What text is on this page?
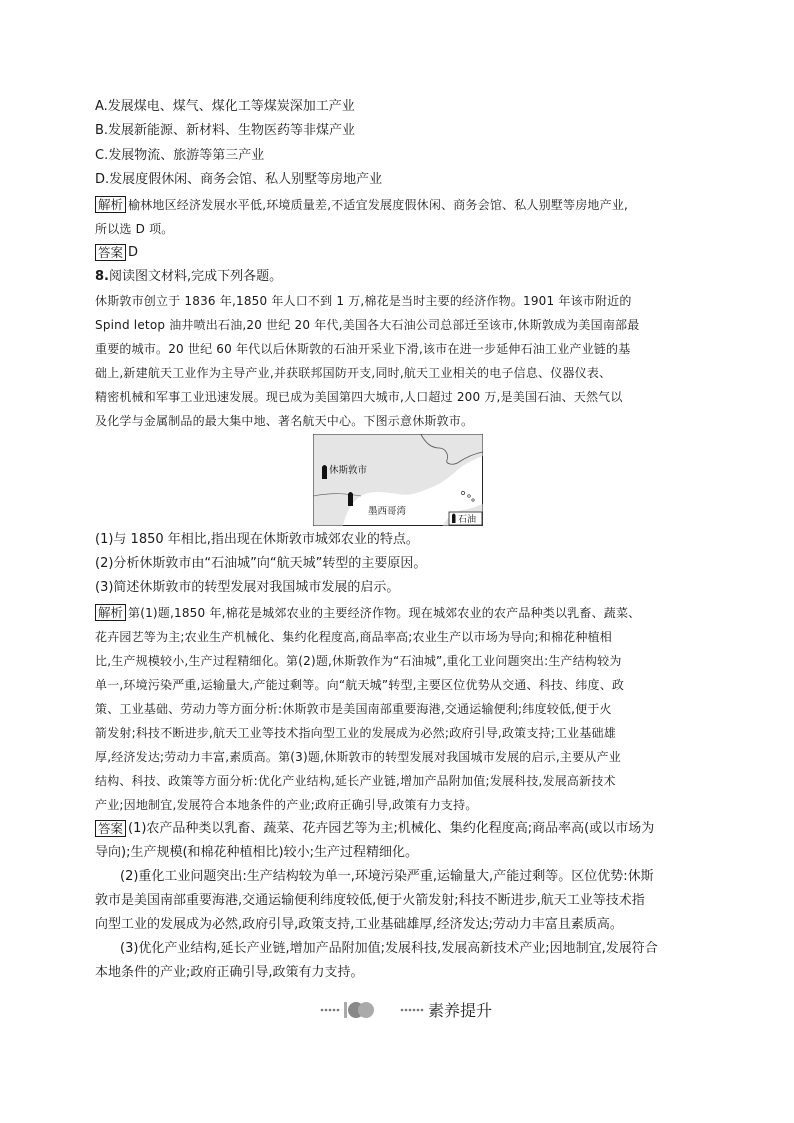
A.发展煤电、煤气、煤化工等煤炭深加工产业
B.发展新能源、新材料、生物医药等非煤产业
C.发展物流、旅游等第三产业
D.发展度假休闲、商务会馆、私人别墅等房地产业
解析 榆林地区经济发展水平低,环境质量差,不适宜发展度假休闲、商务会馆、私人别墅等房地产业,
所以选 D 项。
答案 D
8.阅读图文材料,完成下列各题。
休斯敦市创立于 1836 年,1850 年人口不到 1 万,棉花是当时主要的经济作物。1901 年该市附近的
Spind letop 油井喷出石油,20 世纪 20 年代,美国各大石油公司总部迁至该市,休斯敦成为美国南部最
重要的城市。20 世纪 60 年代以后休斯敦的石油开采业下滑,该市在进一步延伸石油工业产业链的基
础上,新建航天工业作为主导产业,并获联邦国防开支,同时,航天工业相关的电子信息、仪器仪表、
精密机械和军事工业迅速发展。现已成为美国第四大城市,人口超过 200 万,是美国石油、天然气以
及化学与金属制品的最大集中地、著名航天中心。下图示意休斯敦市。
休斯敦市
墨西哥湾
石油
(1)与 1850 年相比,指出现在休斯敦市城郊农业的特点。
(2)分析休斯敦市由“石油城”向“航天城”转型的主要原因。
(3)简述休斯敦市的转型发展对我国城市发展的启示。
解析 第(1)题,1850 年,棉花是城郊农业的主要经济作物。现在城郊农业的农产品种类以乳畜、蔬菜、
花卉园艺等为主;农业生产机械化、集约化程度高,商品率高;农业生产以市场为导向;和棉花种植相
比,生产规模较小,生产过程精细化。第(2)题,休斯敦作为“石油城”,重化工业问题突出:生产结构较为
单一,环境污染严重,运输量大,产能过剩等。向“航天城”转型,主要区位优势从交通、科技、纬度、政
策、工业基础、劳动力等方面分析:休斯敦市是美国南部重要海港,交通运输便利;纬度较低,便于火
箭发射;科技不断进步,航天工业等技术指向型工业的发展成为必然;政府引导,政策支持;工业基础雄
厚,经济发达;劳动力丰富,素质高。第(3)题,休斯敦市的转型发展对我国城市发展的启示,主要从产业
结构、科技、政策等方面分析:优化产业结构,延长产业链,增加产品附加值;发展科技,发展高新技术
产业;因地制宜,发展符合本地条件的产业;政府正确引导,政策有力支持。
答案 (1)农产品种类以乳畜、蔬菜、花卉园艺等为主;机械化、集约化程度高;商品率高(或以市场为
导向);生产规模(和棉花种植相比)较小;生产过程精细化。
(2)重化工业问题突出:生产结构较为单一,环境污染严重,运输量大,产能过剩等。区位优势:休斯
敦市是美国南部重要海港,交通运输便利纬度较低,便于火箭发射;科技不断进步,航天工业等技术指
向型工业的发展成为必然,政府引导,政策支持,工业基础雄厚,经济发达;劳动力丰富且素质高。
(3)优化产业结构,延长产业链,增加产品附加值;发展科技,发展高新技术产业;因地制宜,发展符合
本地条件的产业;政府正确引导,政策有力支持。
素养提升
